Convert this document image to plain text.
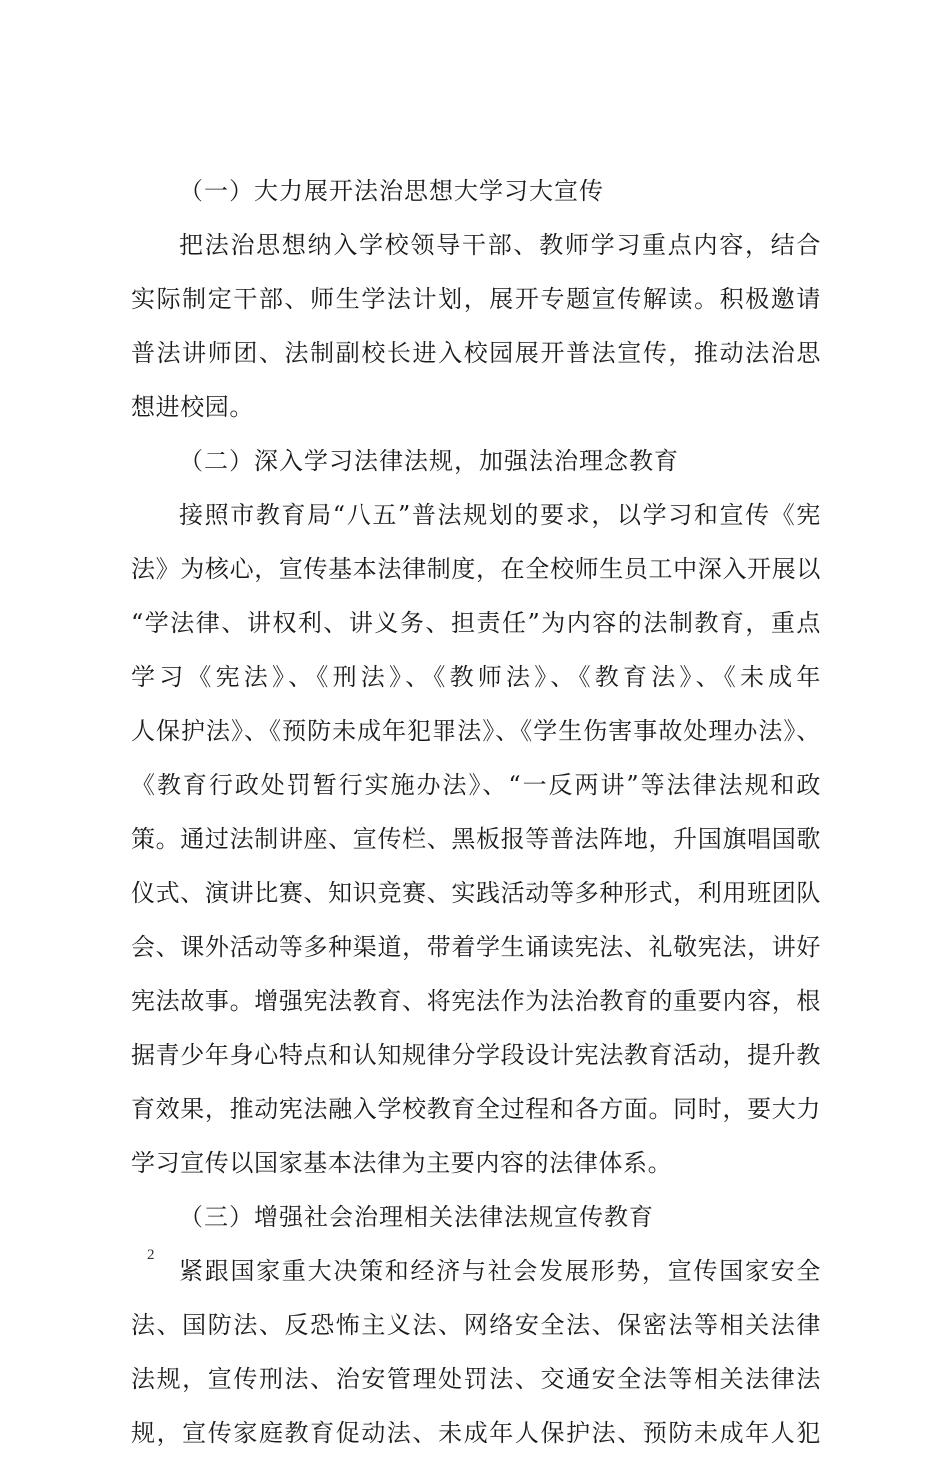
（一）大力展开法治思想大学习大宣传
把法治思想纳入学校领导干部、教师学习重点内容，结合
实际制定干部、师生学法计划，展开专题宣传解读。积极邀请
普法讲师团、法制副校长进入校园展开普法宣传，推动法治思
想进校园。
（二）深入学习法律法规，加强法治理念教育
接照市教育局“八五”普法规划的要求，以学习和宣传《宪
法》为核心，宣传基本法律制度，在全校师生员工中深入开展以
“学法律、讲权利、讲义务、担责任”为内容的法制教育，重点
学习《宪法》、《刑法》、《教师法》、《教育法》、《未成年
人保护法》、《预防未成年犯罪法》、《学生伤害事故处理办法》、
《教育行政处罚暂行实施办法》、“一反两讲”等法律法规和政
策。通过法制讲座、宣传栏、黑板报等普法阵地，升国旗唱国歌
仪式、演讲比赛、知识竞赛、实践活动等多种形式，利用班团队
会、课外活动等多种渠道，带着学生诵读宪法、礼敬宪法，讲好
宪法故事。增强宪法教育、将宪法作为法治教育的重要内容，根
据青少年身心特点和认知规律分学段设计宪法教育活动，提升教
育效果，推动宪法融入学校教育全过程和各方面。同时，要大力
学习宣传以国家基本法律为主要内容的法律体系。
（三）增强社会治理相关法律法规宣传教育
紧跟国家重大决策和经济与社会发展形势，宣传国家安全
法、国防法、反恐怖主义法、网络安全法、保密法等相关法律
法规，宣传刑法、治安管理处罚法、交通安全法等相关法律法
规，宣传家庭教育促动法、未成年人保护法、预防未成年人犯
2
